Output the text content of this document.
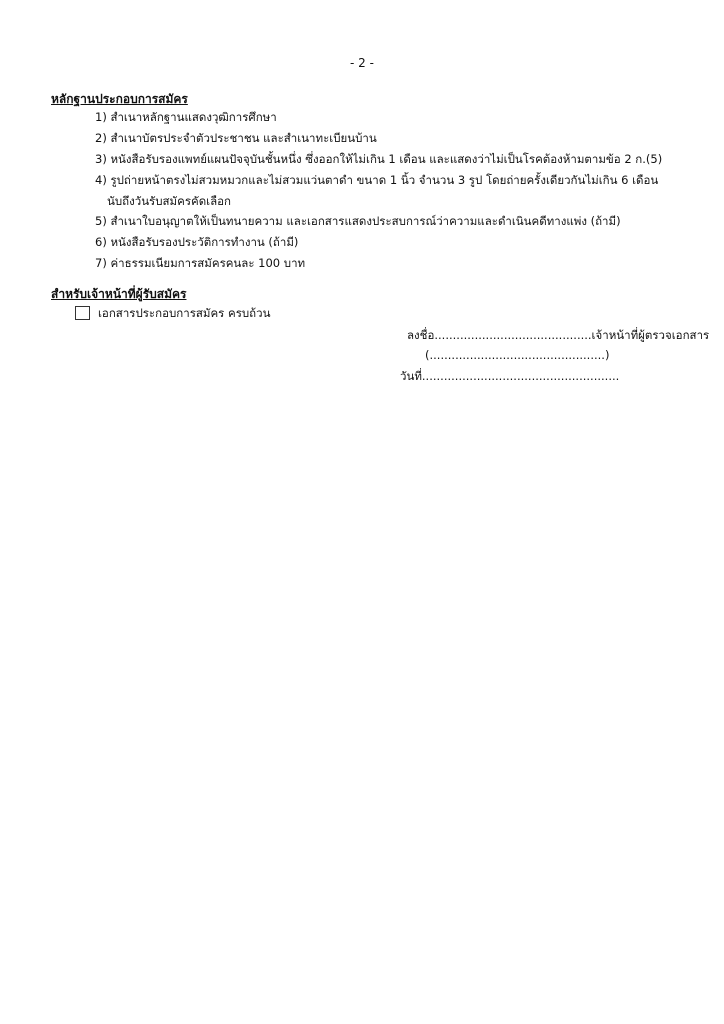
- 2 -
หลักฐานประกอบการสมัคร
1) สำเนาหลักฐานแสดงวุฒิการศึกษา
2) สำเนาบัตรประจำตัวประชาชน และสำเนาทะเบียนบ้าน
3) หนังสือรับรองแพทย์แผนปัจจุบันชั้นหนึ่ง ซึ่งออกให้ไม่เกิน 1 เดือน และแสดงว่าไม่เป็นโรคต้องห้ามตามข้อ 2 ก.(5)
4) รูปถ่ายหน้าตรงไม่สวมหมวกและไม่สวมแว่นตาดำ ขนาด 1 นิ้ว จำนวน 3 รูป โดยถ่ายครั้งเดียวกันไม่เกิน 6 เดือน
นับถึงวันรับสมัครคัดเลือก
5) สำเนาใบอนุญาตให้เป็นทนายความ และเอกสารแสดงประสบการณ์ว่าความและดำเนินคดีทางแพ่ง (ถ้ามี)
6) หนังสือรับรองประวัติการทำงาน (ถ้ามี)
7) ค่าธรรมเนียมการสมัครคนละ 100 บาท
สำหรับเจ้าหน้าที่ผู้รับสมัคร
เอกสารประกอบการสมัคร ครบถ้วน
ลงชื่อ...........................................เจ้าหน้าที่ผู้ตรวจเอกสาร
(................................................)
วันที่......................................................
